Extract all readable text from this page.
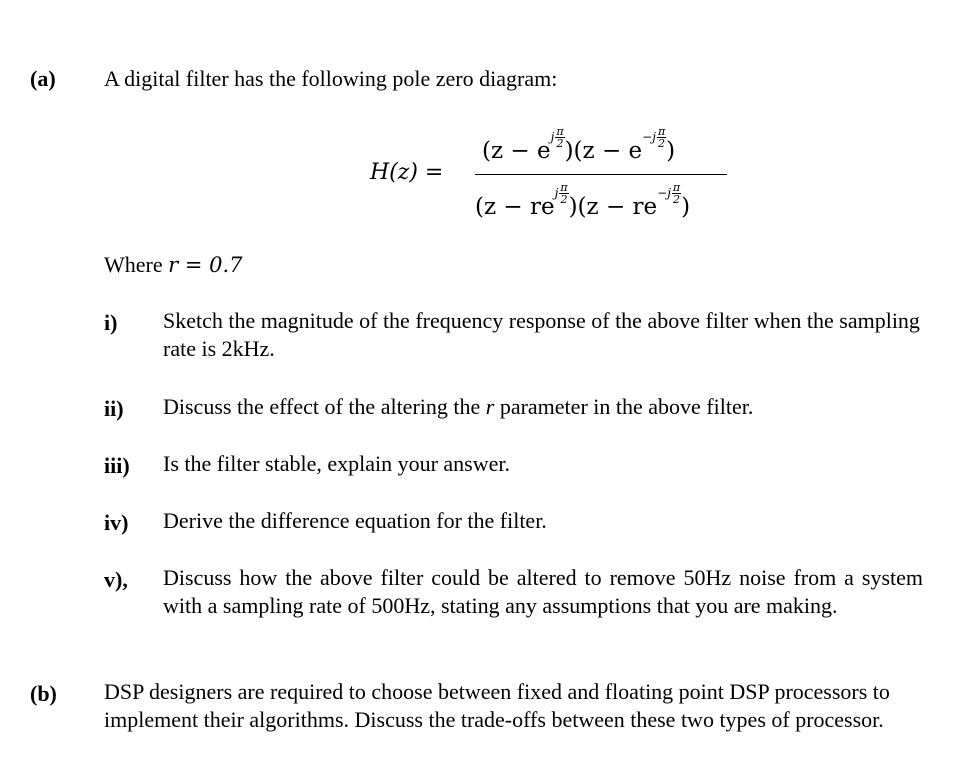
(a) A digital filter has the following pole zero diagram:
H(z) =
(z − ej $\frac{\pi}{2}$
)($z - e-j \frac{\pi}{2}$
)
(z − rej $\frac{\pi}{2}$
)($z - re-j \frac{\pi}{2}$
)
Where r = 0.7
i) Sketch the magnitude of the frequency response of the above filter when the sampling rate is 2kHz.
ii) Discuss the effect of the altering the r parameter in the above filter.
iii) Is the filter stable, explain your answer.
iv) Derive the difference equation for the filter.
v), Discuss how the above filter could be altered to remove 50Hz noise from a system with a sampling rate of 500Hz, stating any assumptions that you are making.
(b) DSP designers are required to choose between fixed and floating point DSP processors to implement their algorithms. Discuss the trade-offs between these two types of processor.
